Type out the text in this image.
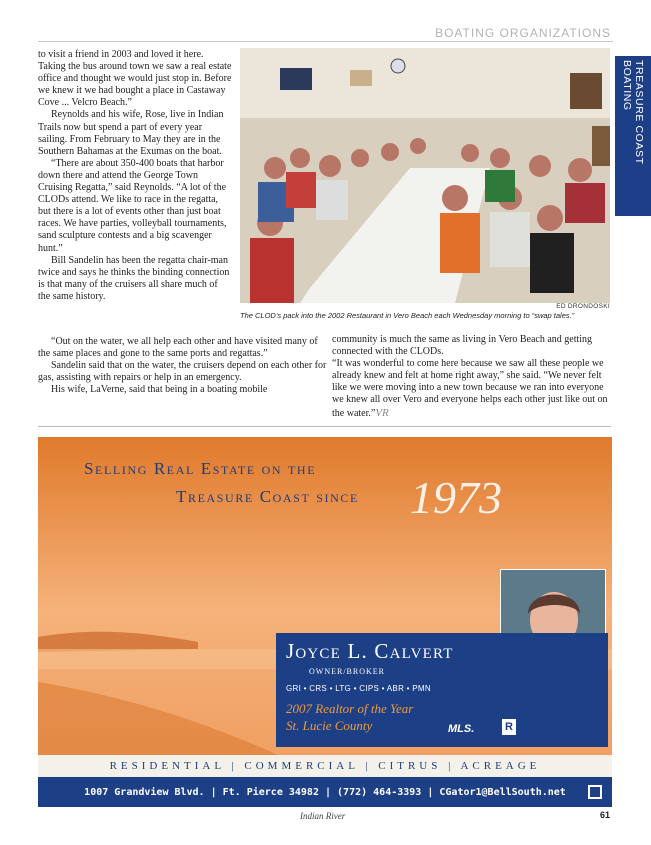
BOATING ORGANIZATIONS
TREASURE COAST BOATING

to visit a friend in 2003 and loved it here. Taking the bus around town we saw a real estate office and thought we would just stop in. Before we knew it we had bought a place in Castaway Cove ... Velcro Beach.”

Reynolds and his wife, Rose, live in Indian Trails now but spend a part of every year sailing. From February to May they are in the Southern Bahamas at the Exumas on the boat.

“There are about 350-400 boats that harbor down there and attend the George Town Cruising Regatta,” said Reynolds. “A lot of the CLODs attend. We like to race in the regatta, but there is a lot of events other than just boat races. We have parties, volleyball tournaments, sand sculpture contests and a big scavenger hunt.”

Bill Sandelin has been the regatta chair-man twice and says he thinks the binding connection is that many of the cruisers all share much of the same history.

“Out on the water, we all help each other and have visited many of the same places and gone to the same ports and regattas.”

Sandelin said that on the water, the cruisers depend on each other for gas, assisting with repairs or help in an emergency.

His wife, LaVerne, said that being in a boating mobile

ED DRONDOSKI
The CLOD’s pack into the 2002 Restaurant in Vero Beach each Wednesday morning to “swap tales.”

community is much the same as living in Vero Beach and getting connected with the CLODs.

“It was wonderful to come here because we saw all these people we already knew and felt at home right away,” she said. “We never felt like we were moving into a new town because we ran into everyone we knew all over Vero and everyone helps each other just like out on the water.”

VR
Selling Real Estate on the
Treasure Coast since 1973
Joyce L. Calvert
OWNER/BROKER
GRI • CRS • LTG • CIPS • ABR • PMN
2007 Realtor of the Year
St. Lucie County	MLS.	R
RESIDENTIAL | COMMERCIAL | CITRUS | ACREAGE
1007 Grandview Blvd. | Ft. Pierce 34982 | (772) 464-3393 | CGator1@BellSouth.net
Indian River	61
